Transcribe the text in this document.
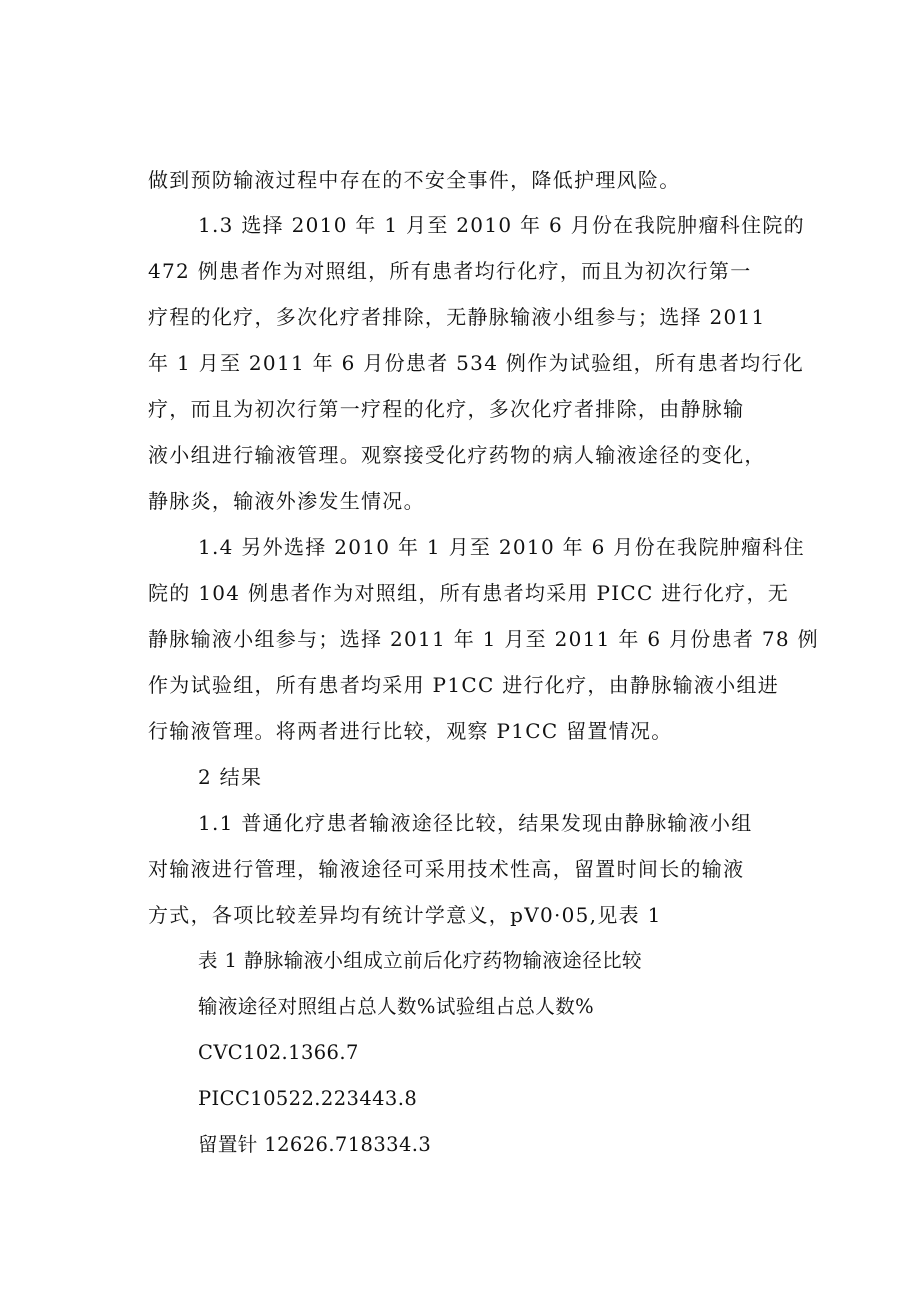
做到预防输液过程中存在的不安全事件，降低护理风险。
1.3 选择 2010 年 1 月至 2010 年 6 月份在我院肿瘤科住院的
472 例患者作为对照组，所有患者均行化疗，而且为初次行第一
疗程的化疗，多次化疗者排除，无静脉输液小组参与；选择 2011
年 1 月至 2011 年 6 月份患者 534 例作为试验组，所有患者均行化
疗，而且为初次行第一疗程的化疗，多次化疗者排除，由静脉输
液小组进行输液管理。观察接受化疗药物的病人输液途径的变化，
静脉炎，输液外渗发生情况。
1.4 另外选择 2010 年 1 月至 2010 年 6 月份在我院肿瘤科住
院的 104 例患者作为对照组，所有患者均采用 PICC 进行化疗，无
静脉输液小组参与；选择 2011 年 1 月至 2011 年 6 月份患者 78 例
作为试验组，所有患者均采用 P1CC 进行化疗，由静脉输液小组进
行输液管理。将两者进行比较，观察 P1CC 留置情况。
2 结果
1.1 普通化疗患者输液途径比较，结果发现由静脉输液小组
对输液进行管理，输液途径可采用技术性高，留置时间长的输液
方式，各项比较差异均有统计学意义，pV0·05,见表 1
表 1 静脉输液小组成立前后化疗药物输液途径比较
输液途径对照组占总人数%试验组占总人数%
CVC102.1366.7
PICC10522.223443.8
留置针 12626.718334.3
